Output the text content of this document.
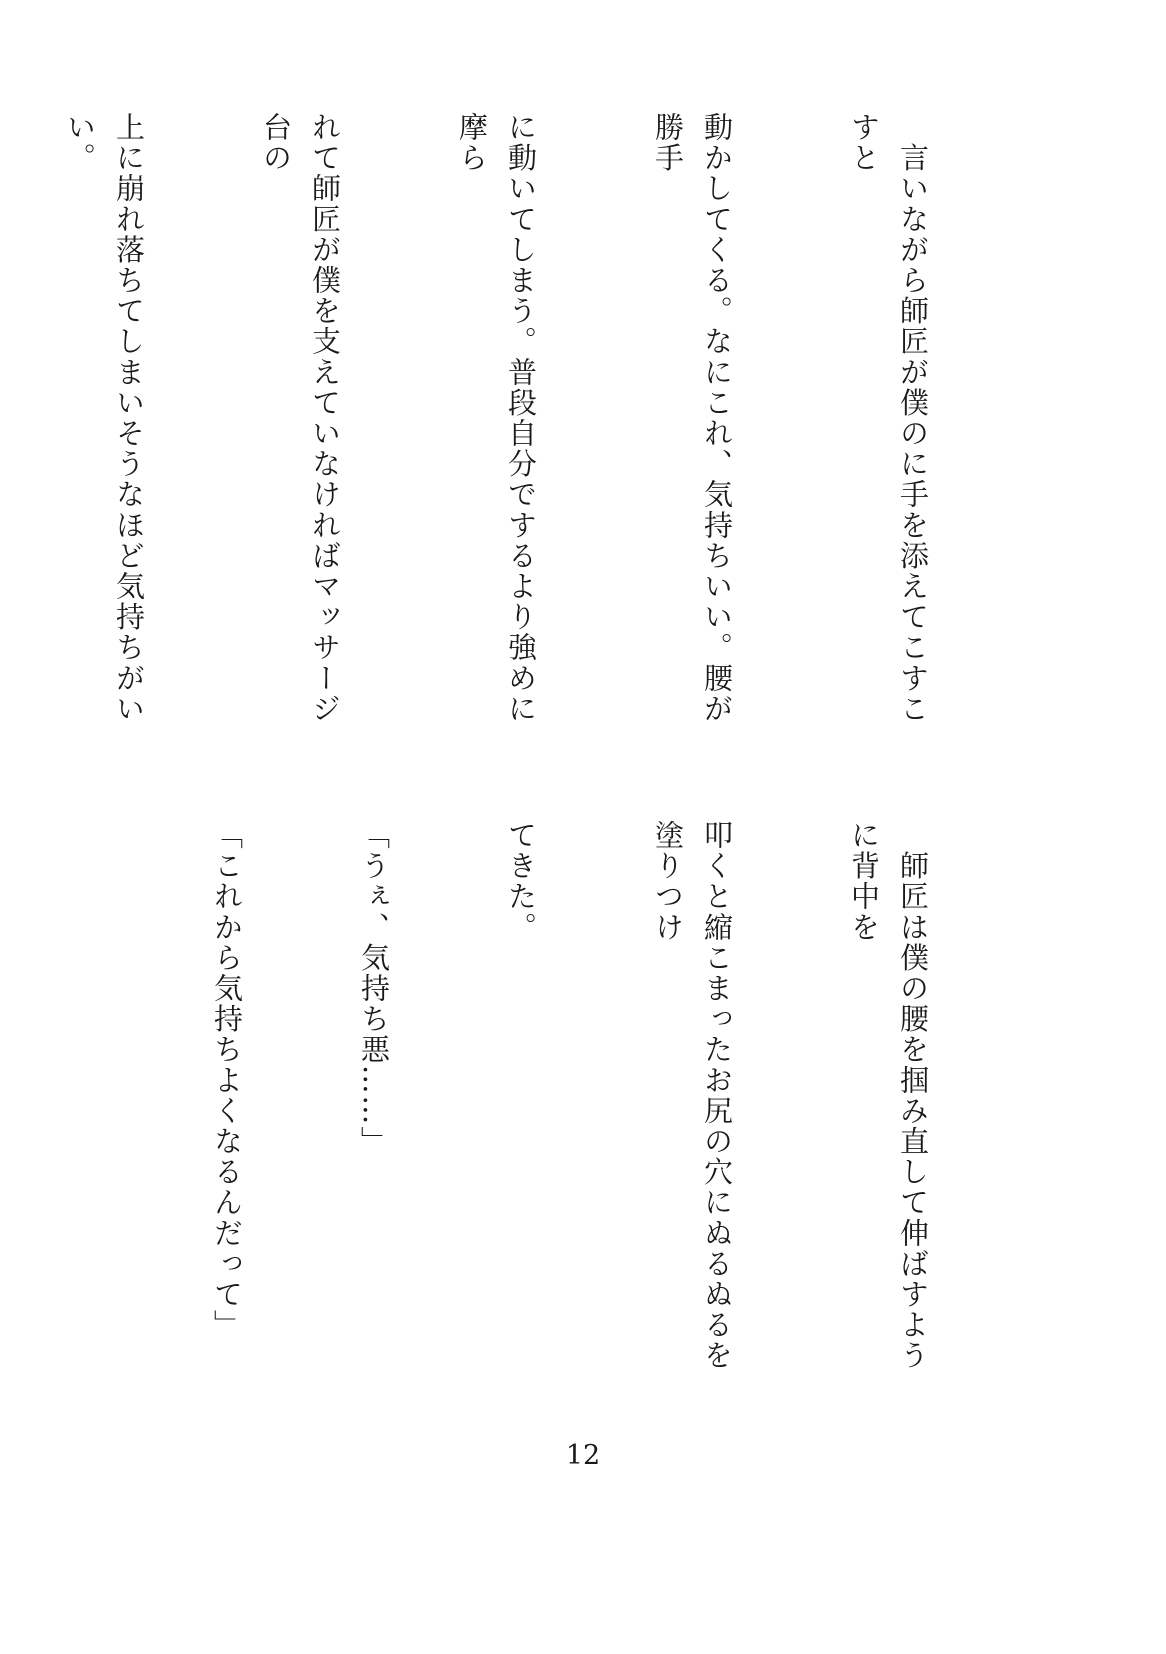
　言いながら師匠が僕のに手を添えてこすこすと

動かしてくる。なにこれ、気持ちいい。腰が勝手

に動いてしまう。普段自分でするより強めに摩ら

れて師匠が僕を支えていなければマッサージ台の

上に崩れ落ちてしまいそうなほど気持ちがいい。

　師匠は僕の腰を掴み直して伸ばすように背中を

叩くと縮こまったお尻の穴にぬるぬるを塗りつけ

てきた。

「うぇ、気持ち悪……」

「これから気持ちよくなるんだって」

12
